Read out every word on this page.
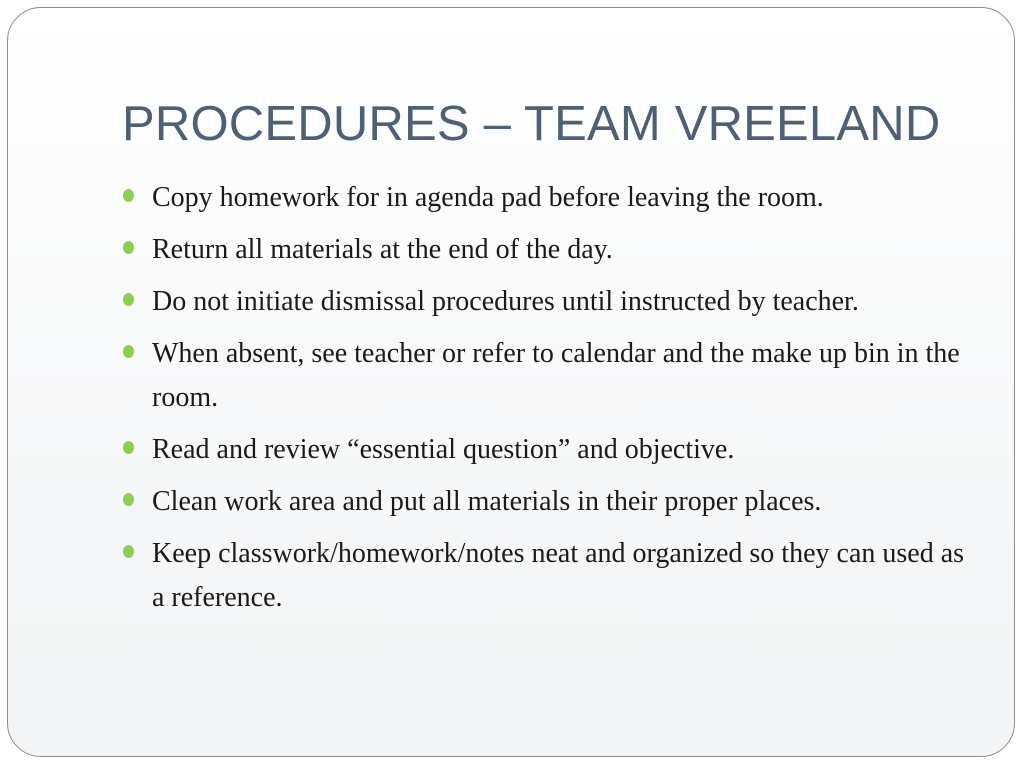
PROCEDURES – TEAM VREELAND
Copy homework for in agenda pad before leaving the room.
Return all materials at the end of the day.
Do not initiate dismissal procedures until instructed by teacher.
When absent, see teacher or refer to calendar and the make up bin in the room.
Read and review “essential question” and objective.
Clean work area and put all materials in their proper places.
Keep classwork/homework/notes neat and organized so they can used as a reference.
